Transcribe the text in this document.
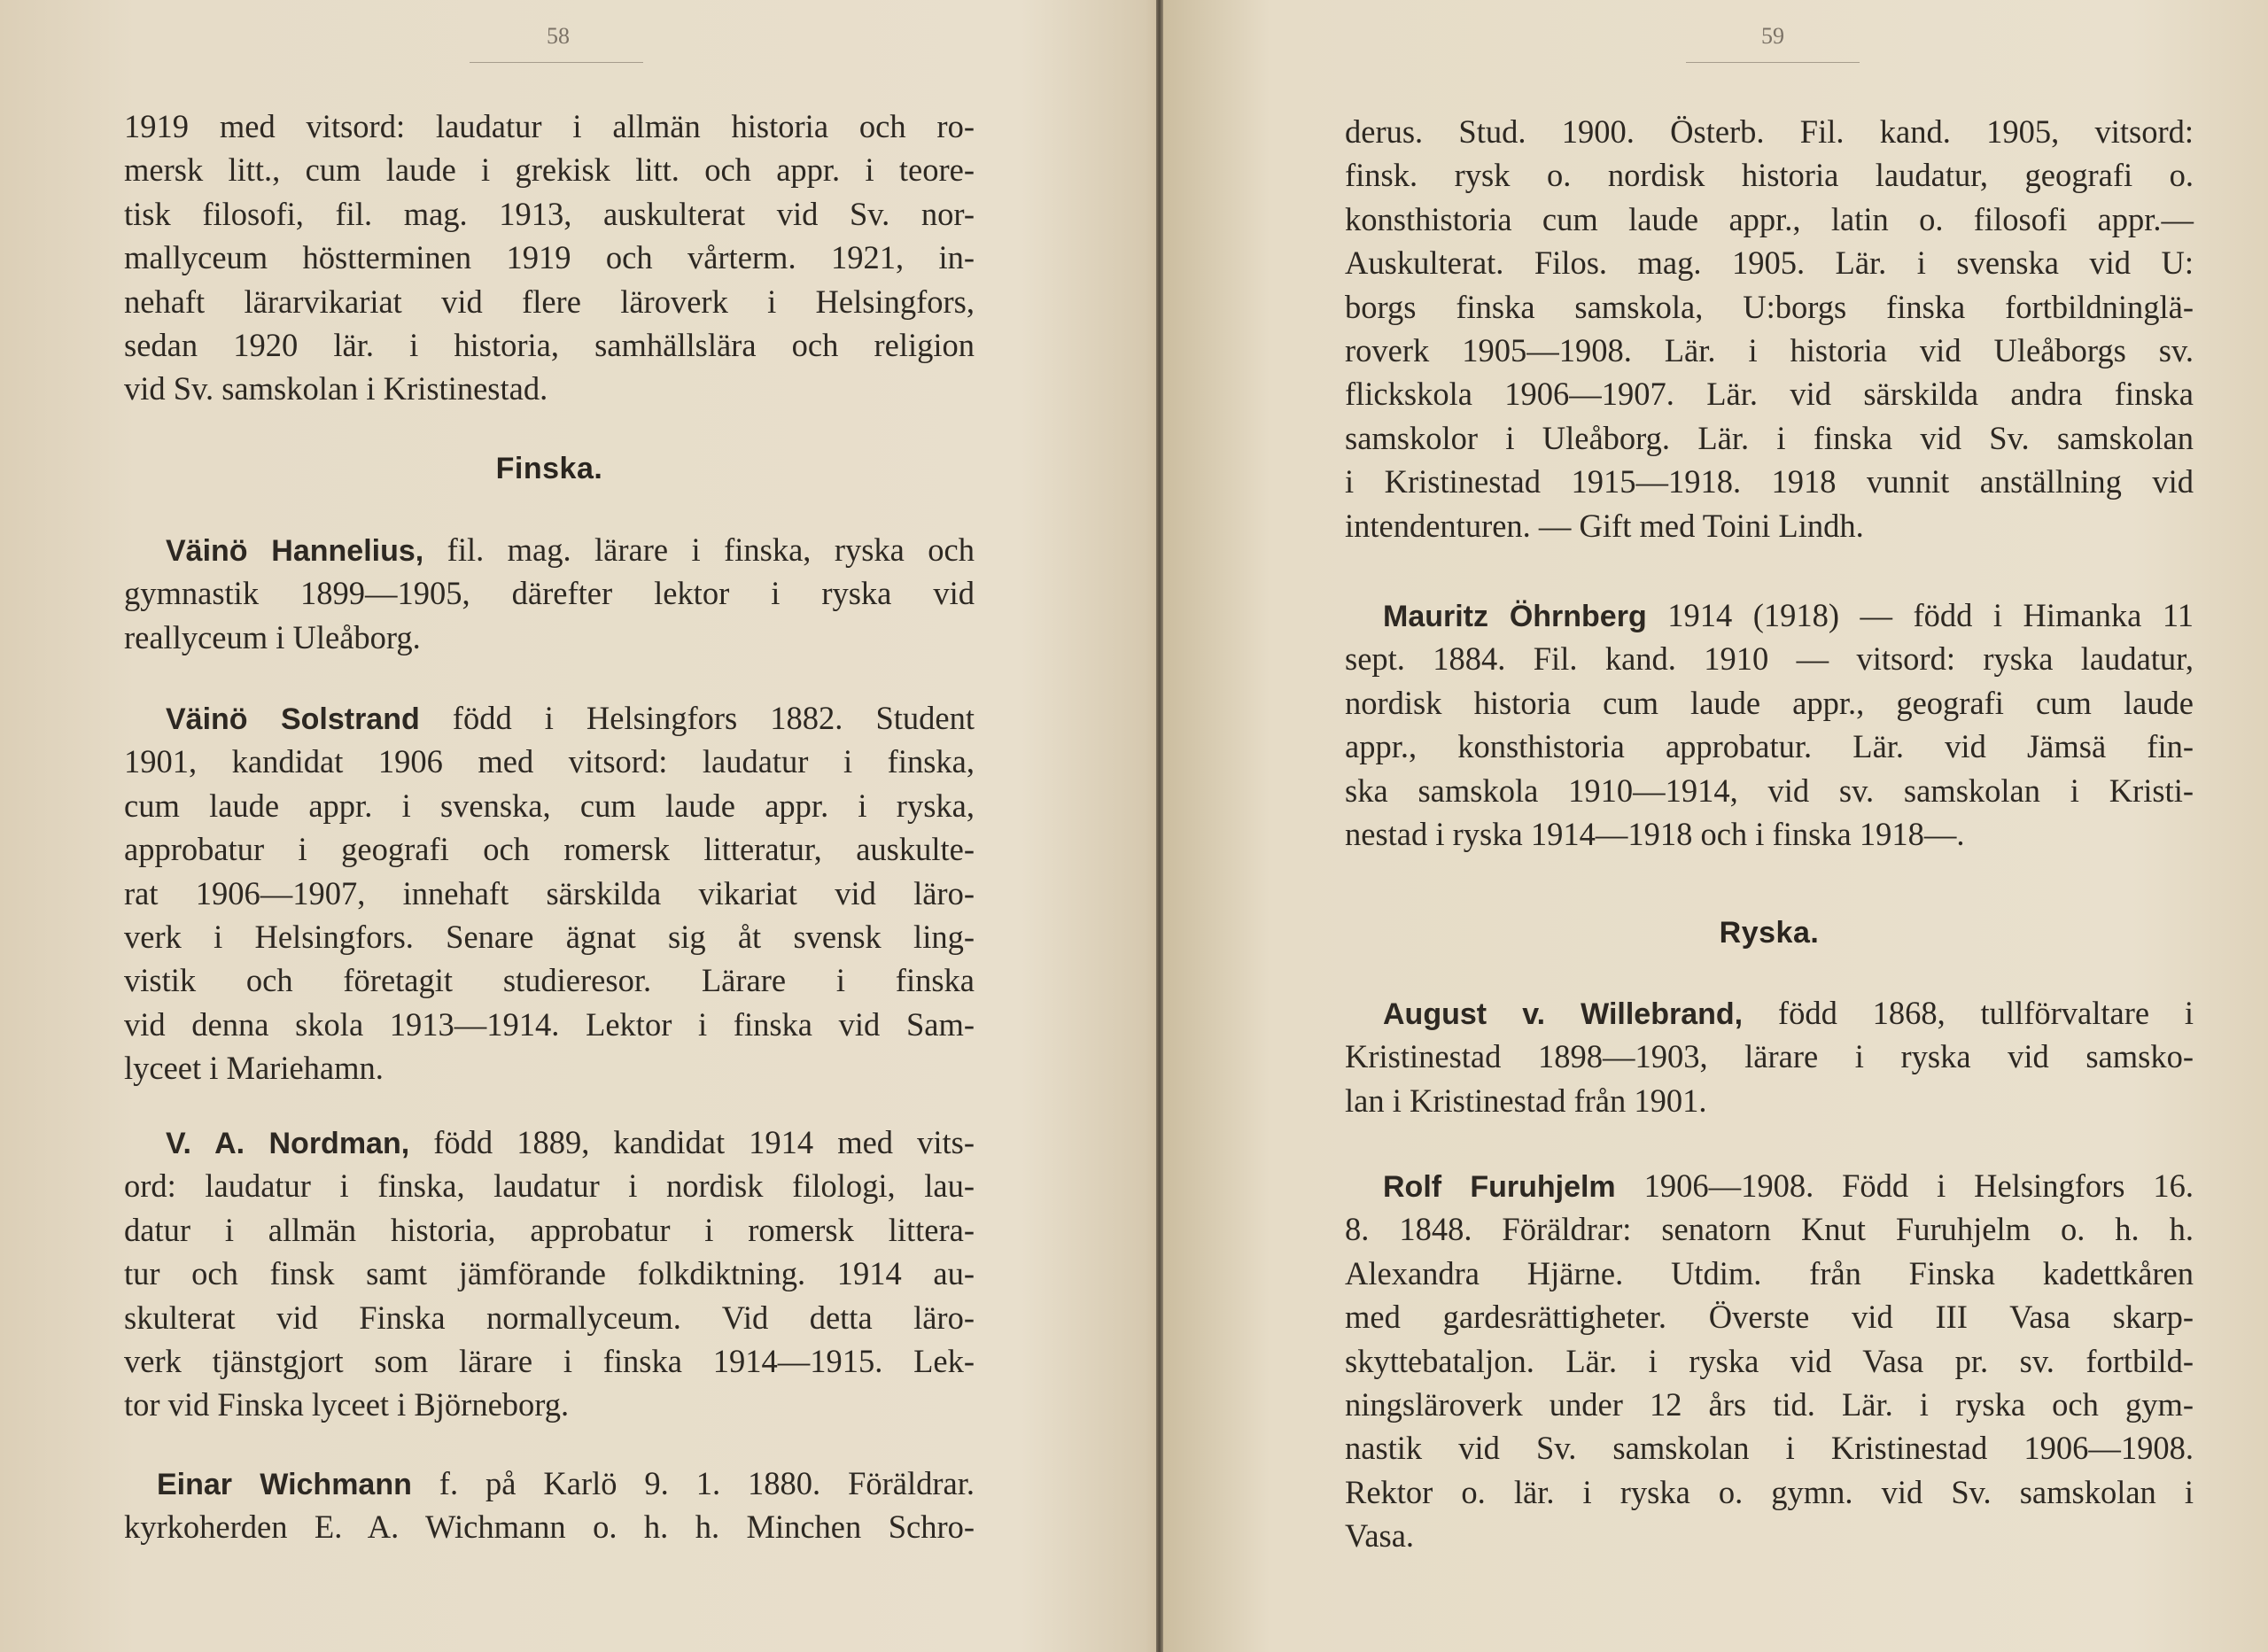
58
1919 med vitsord: laudatur i allmän historia och ro-
mersk litt., cum laude i grekisk litt. och appr. i teore-
tisk filosofi, fil. mag. 1913, auskulterat vid Sv. nor-
mallyceum höstterminen 1919 och vårterm. 1921, in-
nehaft lärarvikariat vid flere läroverk i Helsingfors,
sedan 1920 lär. i historia, samhällslära och religion
vid Sv. samskolan i Kristinestad.
Finska.
Väinö Hannelius, fil. mag. lärare i finska, ryska och
gymnastik 1899—1905, därefter lektor i ryska vid
reallyceum i Uleåborg.
Väinö Solstrand född i Helsingfors 1882. Student
1901, kandidat 1906 med vitsord: laudatur i finska,
cum laude appr. i svenska, cum laude appr. i ryska,
approbatur i geografi och romersk litteratur, auskulte-
rat 1906—1907, innehaft särskilda vikariat vid läro-
verk i Helsingfors. Senare ägnat sig åt svensk ling-
vistik och företagit studieresor. Lärare i finska
vid denna skola 1913—1914. Lektor i finska vid Sam-
lyceet i Mariehamn.
V. A. Nordman, född 1889, kandidat 1914 med vits-
ord: laudatur i finska, laudatur i nordisk filologi, lau-
datur i allmän historia, approbatur i romersk littera-
tur och finsk samt jämförande folkdiktning. 1914 au-
skulterat vid Finska normallyceum. Vid detta läro-
verk tjänstgjort som lärare i finska 1914—1915. Lek-
tor vid Finska lyceet i Björneborg.
Einar Wichmann f. på Karlö 9. 1. 1880. Föräldrar.
kyrkoherden E. A. Wichmann o. h. h. Minchen Schro-
59
derus. Stud. 1900. Österb. Fil. kand. 1905, vitsord:
finsk. rysk o. nordisk historia laudatur, geografi o.
konsthistoria cum laude appr., latin o. filosofi appr.—
Auskulterat. Filos. mag. 1905. Lär. i svenska vid U:
borgs finska samskola, U:borgs finska fortbildninglä-
roverk 1905—1908. Lär. i historia vid Uleåborgs sv.
flickskola 1906—1907. Lär. vid särskilda andra finska
samskolor i Uleåborg. Lär. i finska vid Sv. samskolan
i Kristinestad 1915—1918. 1918 vunnit anställning vid
intendenturen. — Gift med Toini Lindh.
Mauritz Öhrnberg 1914 (1918) — född i Himanka 11
sept. 1884. Fil. kand. 1910 — vitsord: ryska laudatur,
nordisk historia cum laude appr., geografi cum laude
appr., konsthistoria approbatur. Lär. vid Jämsä fin-
ska samskola 1910—1914, vid sv. samskolan i Kristi-
nestad i ryska 1914—1918 och i finska 1918—.
Ryska.
August v. Willebrand, född 1868, tullförvaltare i
Kristinestad 1898—1903, lärare i ryska vid samsko-
lan i Kristinestad från 1901.
Rolf Furuhjelm 1906—1908. Född i Helsingfors 16.
8. 1848. Föräldrar: senatorn Knut Furuhjelm o. h. h.
Alexandra Hjärne. Utdim. från Finska kadettkåren
med gardesrättigheter. Överste vid III Vasa skarp-
skyttebataljon. Lär. i ryska vid Vasa pr. sv. fortbild-
ningsläroverk under 12 års tid. Lär. i ryska och gym-
nastik vid Sv. samskolan i Kristinestad 1906—1908.
Rektor o. lär. i ryska o. gymn. vid Sv. samskolan i
Vasa.
